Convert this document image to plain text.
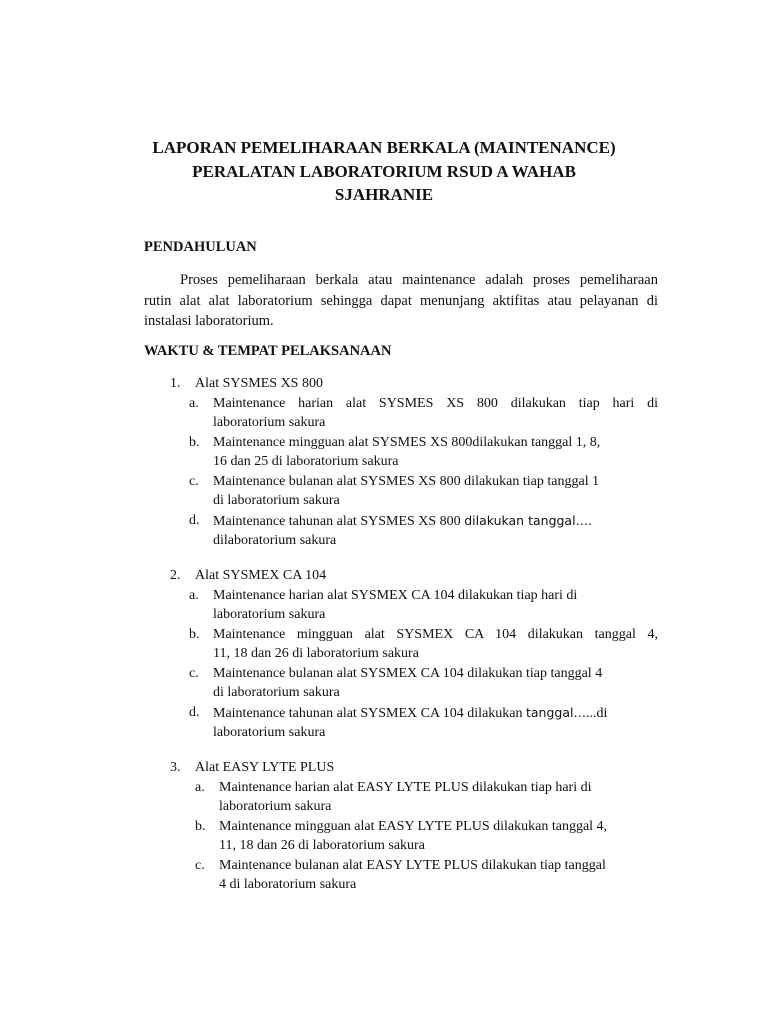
LAPORAN PEMELIHARAAN BERKALA (MAINTENANCE)
PERALATAN LABORATORIUM RSUD A WAHAB
SJAHRANIE
PENDAHULUAN
Proses pemeliharaan berkala atau maintenance adalah proses pemeliharaan
rutin alat alat laboratorium sehingga dapat menunjang aktifitas atau pelayanan di
instalasi laboratorium.
WAKTU & TEMPAT PELAKSANAAN
1. Alat SYSMES XS 800
a. Maintenance harian alat SYSMES XS 800 dilakukan tiap hari di
laboratorium sakura
b. Maintenance mingguan alat SYSMES XS 800dilakukan tanggal 1, 8,
16 dan 25 di laboratorium sakura
c. Maintenance bulanan alat SYSMES XS 800 dilakukan tiap tanggal 1
di laboratorium sakura
d. Maintenance tahunan alat SYSMES XS 800 dilakukan tanggal….
dilaboratorium sakura
2. Alat SYSMEX CA 104
a. Maintenance harian alat SYSMEX CA 104 dilakukan tiap hari di
laboratorium sakura
b. Maintenance mingguan alat SYSMEX CA 104 dilakukan tanggal 4,
11, 18 dan 26 di laboratorium sakura
c. Maintenance bulanan alat SYSMEX CA 104 dilakukan tiap tanggal 4
di laboratorium sakura
d. Maintenance tahunan alat SYSMEX CA 104 dilakukan tanggal…...di
laboratorium sakura
3. Alat EASY LYTE PLUS
a. Maintenance harian alat EASY LYTE PLUS dilakukan tiap hari di
laboratorium sakura
b. Maintenance mingguan alat EASY LYTE PLUS dilakukan tanggal 4,
11, 18 dan 26 di laboratorium sakura
c. Maintenance bulanan alat EASY LYTE PLUS dilakukan tiap tanggal
4 di laboratorium sakura
